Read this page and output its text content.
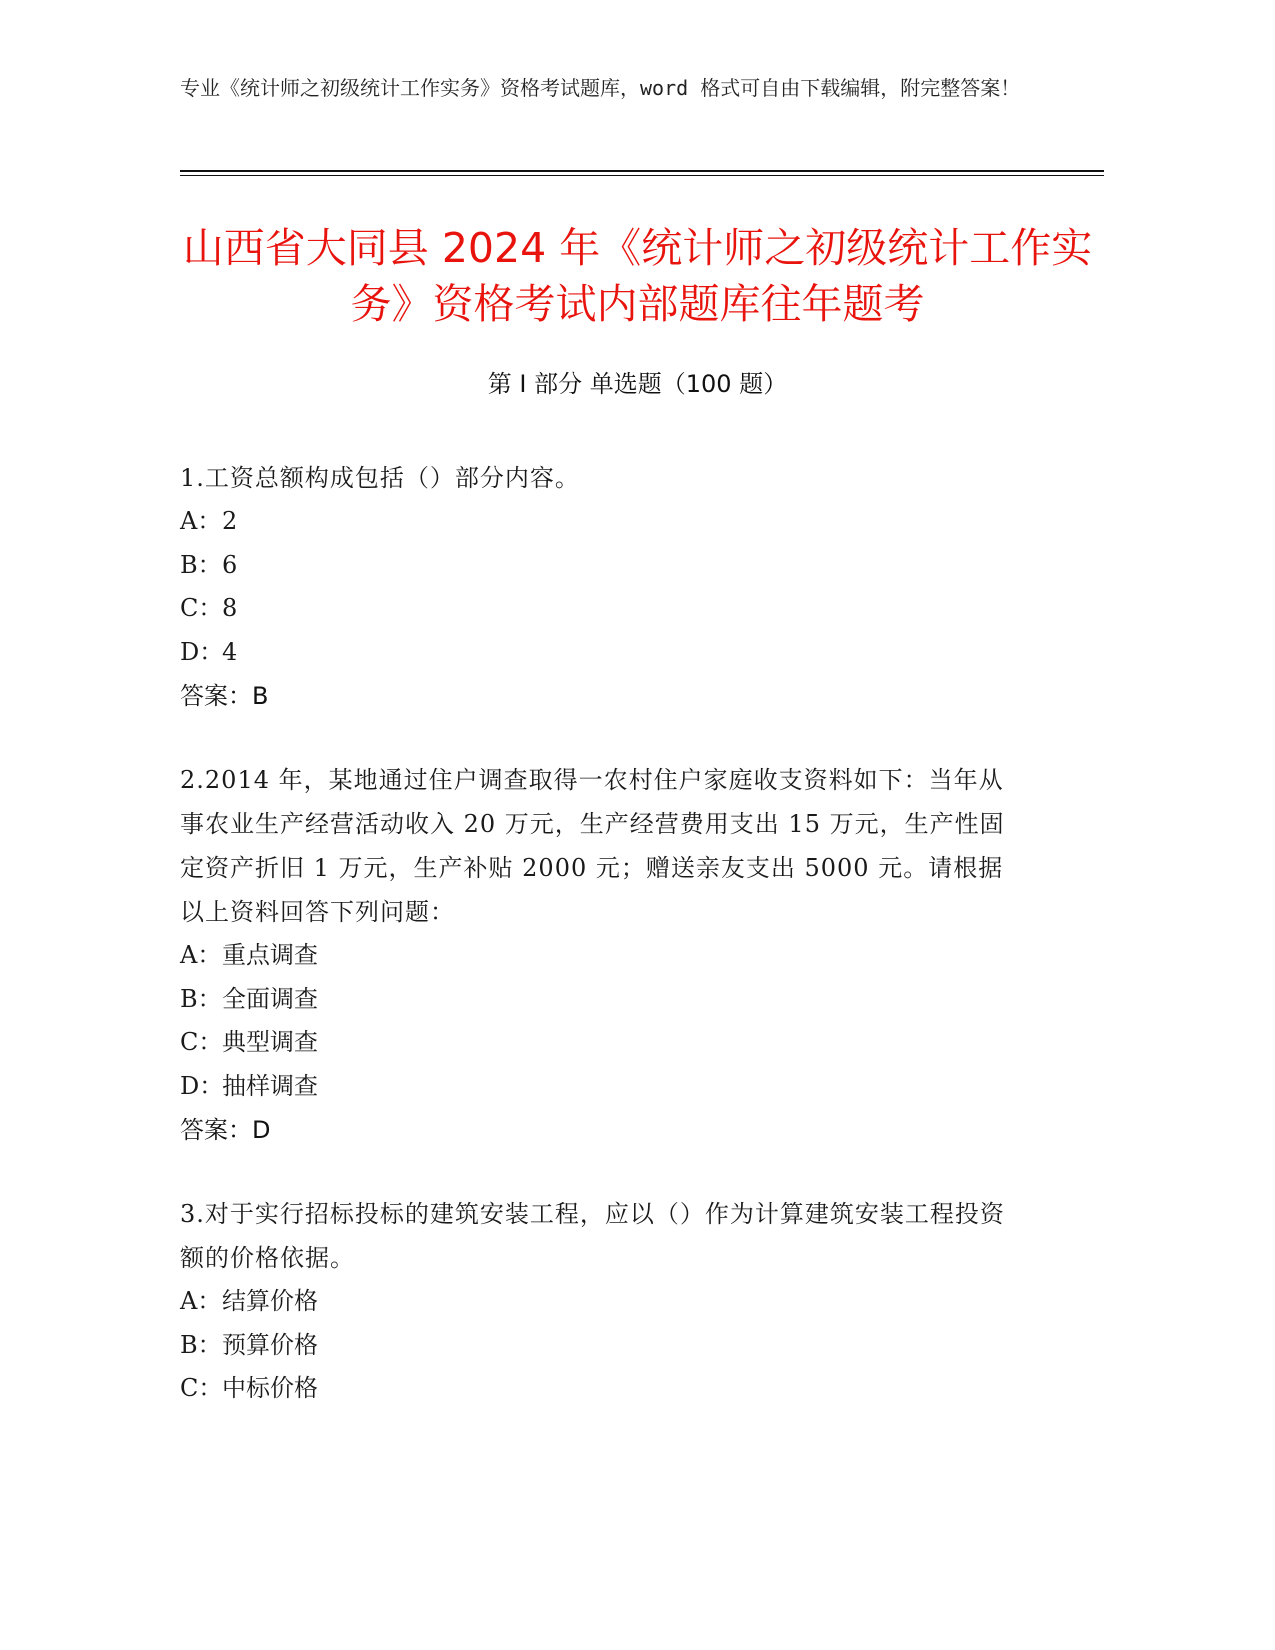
专业《统计师之初级统计工作实务》资格考试题库，word 格式可自由下载编辑，附完整答案！
山西省大同县 2024 年《统计师之初级统计工作实务》资格考试内部题库往年题考
第 I 部分 单选题（100 题）
1.工资总额构成包括（）部分内容。
A：2
B：6
C：8
D：4
答案：B
2.2014 年，某地通过住户调查取得一农村住户家庭收支资料如下：当年从事农业生产经营活动收入 20 万元，生产经营费用支出 15 万元，生产性固定资产折旧 1 万元，生产补贴 2000 元；赠送亲友支出 5000 元。请根据以上资料回答下列问题：
A：重点调查
B：全面调查
C：典型调查
D：抽样调查
答案：D
3.对于实行招标投标的建筑安装工程，应以（）作为计算建筑安装工程投资额的价格依据。
A：结算价格
B：预算价格
C：中标价格
